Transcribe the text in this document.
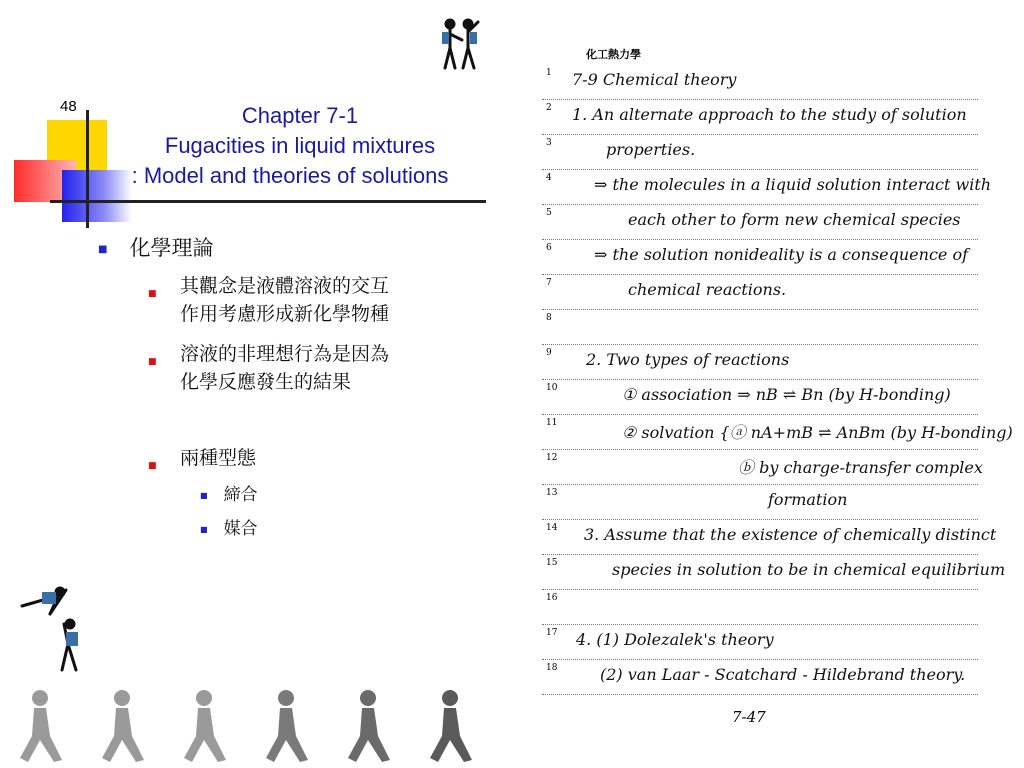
48	Chapter 7-1
Fugacities in liquid mixtures
: Model and theories of solutions
■ 化學理論
■ 其觀念是液體溶液的交互
作用考慮形成新化學物種
■ 溶液的非理想行為是因為
化學反應發生的結果
■ 兩種型態
■ 締合
■ 媒合
化工熱力學
1 7-9 Chemical theory
2 1. An alternate approach to the study of solution
3	properties.
4	⇒ the molecules in a liquid solution interact with
5	each other to form new chemical species
6	⇒ the solution nonideality is a consequence of
7	chemical reactions.
8
9 2. Two types of reactions
10	① association ⇒ nB ⇌ Bn (by H-bonding)
11	② solvation {ⓐ nA+mB ⇌ AnBm (by H-bonding)
12	ⓑ by charge-transfer complex
13	formation
14 3. Assume that the existence of chemically distinct
15	species in solution to be in chemical equilibrium
16
17 4. (1) Dolezalek's theory
18	(2) van Laar - Scatchard - Hildebrand theory.
7-47
